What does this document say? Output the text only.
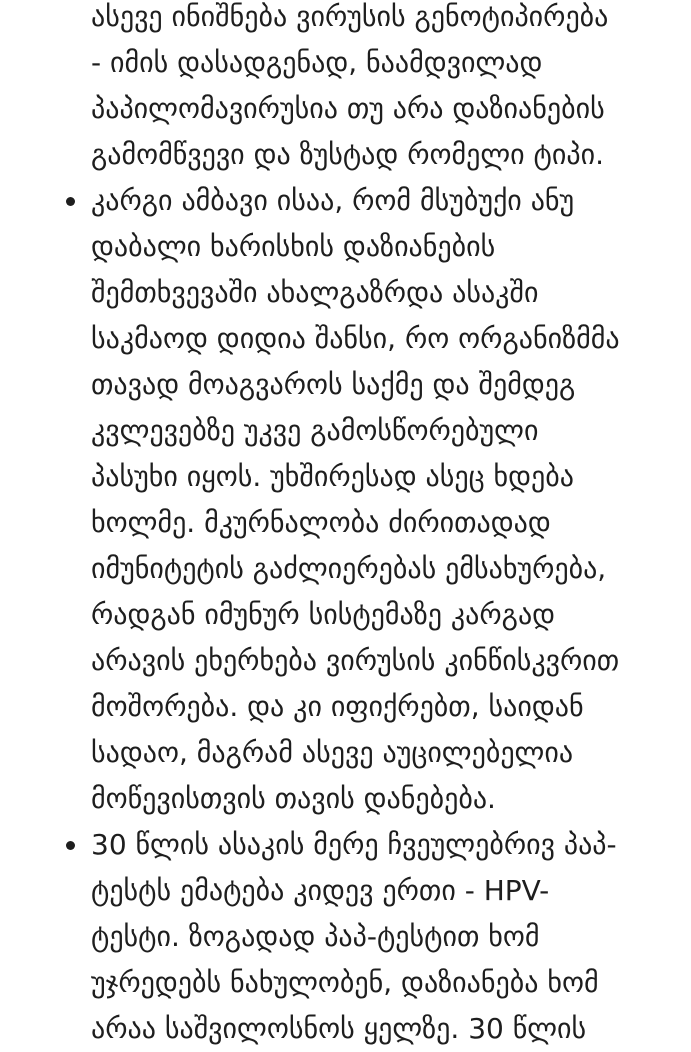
ასევე ინიშნება ვირუსის გენოტიპირება
- იმის დასადგენად, ნაამდვილად
პაპილომავირუსია თუ არა დაზიანების
გამომწვევი და ზუსტად რომელი ტიპი.
კარგი ამბავი ისაა, რომ მსუბუქი ანუ
დაბალი ხარისხის დაზიანების
შემთხვევაში ახალგაზრდა ასაკში
საკმაოდ დიდია შანსი, რო ორგანიზმმა
თავად მოაგვაროს საქმე და შემდეგ
კვლევებზე უკვე გამოსწორებული
პასუხი იყოს. უხშირესად ასეც ხდება
ხოლმე. მკურნალობა ძირითადად
იმუნიტეტის გაძლიერებას ემსახურება,
რადგან იმუნურ სისტემაზე კარგად
არავის ეხერხება ვირუსის კინწისკვრით
მოშორება. და კი იფიქრებთ, საიდან
სადაო, მაგრამ ასევე აუცილებელია
მოწევისთვის თავის დანებება.
30 წლის ასაკის მერე ჩვეულებრივ პაპ-
ტესტს ემატება კიდევ ერთი - HPV-
ტესტი. ზოგადად პაპ-ტესტით ხომ
უჯრედებს ნახულობენ, დაზიანება ხომ
არაა საშვილოსნოს ყელზე. 30 წლის
